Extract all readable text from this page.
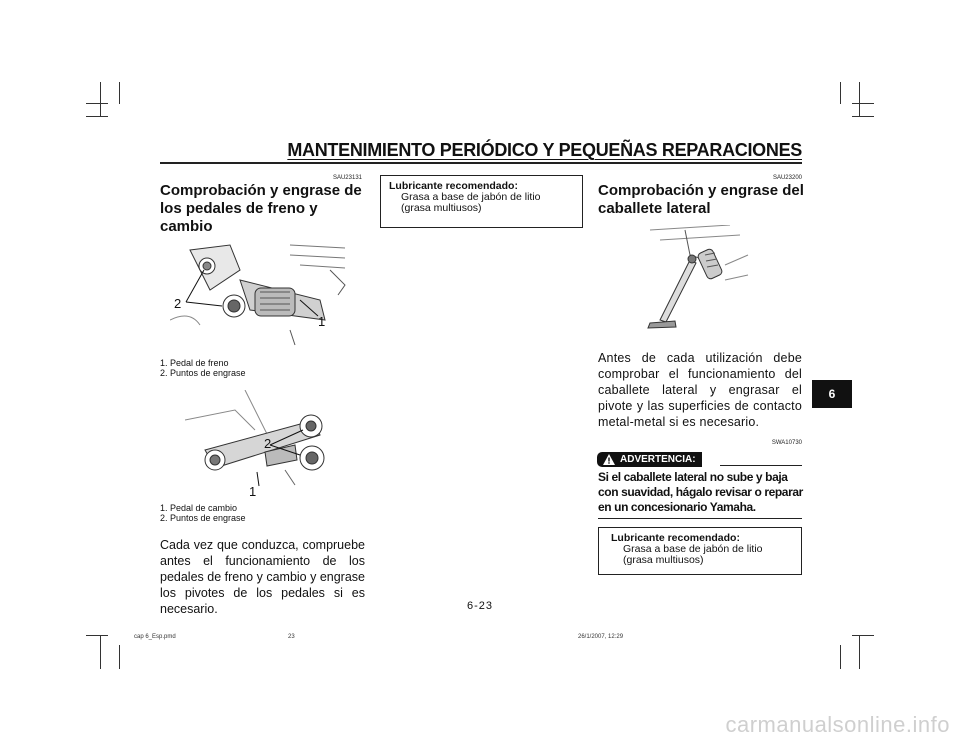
MANTENIMIENTO PERIÓDICO Y PEQUEÑAS REPARACIONES
SAU23131
Comprobación y engrase de
los pedales de freno y
cambio
2
1
1. Pedal de freno
2. Puntos de engrase
2
1
1. Pedal de cambio
2. Puntos de engrase
Cada vez que conduzca, compruebe antes el funcionamiento de los pedales de freno y cambio y engrase los pivotes de los pedales si es necesario.
Lubricante recomendado:
Grasa a base de jabón de litio
(grasa multiusos)
SAU23200
Comprobación y engrase del
caballete lateral
Antes de cada utilización debe comprobar el funcionamiento del caballete lateral y engrasar el pivote y las superficies de contacto metal-metal si es necesario.
SWA10730
ADVERTENCIA:
Si el caballete lateral no sube y baja con suavidad, hágalo revisar o reparar en un concesionario Yamaha.
Lubricante recomendado:
Grasa a base de jabón de litio
(grasa multiusos)
6
6-23
cap 6_Esp.pmd	23	26/1/2007, 12:29
carmanualsonline.info
